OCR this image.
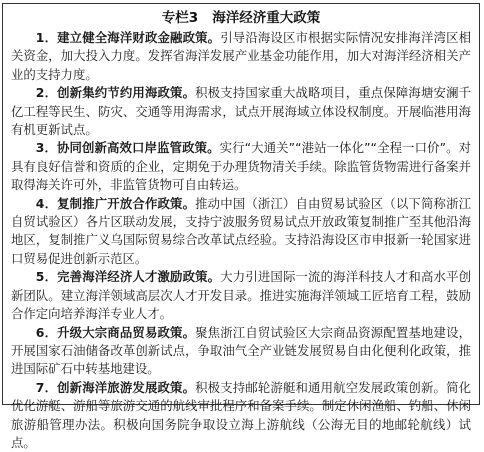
专栏3 海洋经济重大政策

1．建立健全海洋财政金融政策。引导沿海设区市根据实际情况安排海洋湾区相关资金，加大投入力度。发挥省海洋发展产业基金功能作用，加大对海洋经济相关产业的支持力度。

2．创新集约节约用海政策。积极支持国家重大战略项目，重点保障海塘安澜千亿工程等民生、防灾、交通等用海需求，试点开展海域立体设权制度。开展临港用海有机更新试点。

3．协同创新高效口岸监管政策。实行“大通关”“港站一体化”“全程一口价”。对具有良好信誉和资质的企业，定期免于办理货物清关手续。除监管货物需进行备案并取得海关许可外，非监管货物可自由转运。

4．复制推广开放合作政策。推动中国（浙江）自由贸易试验区（以下简称浙江自贸试验区）各片区联动发展，支持宁波服务贸易试点开放政策复制推广至其他沿海地区，复制推广义乌国际贸易综合改革试点经验。支持沿海设区市申报新一轮国家进口贸易促进创新示范区。

5．完善海洋经济人才激励政策。大力引进国际一流的海洋科技人才和高水平创新团队。建立海洋领域高层次人才开发目录。推进实施海洋领域工匠培育工程，鼓励合作定向培养海洋专业人才。

6．升级大宗商品贸易政策。聚焦浙江自贸试验区大宗商品资源配置基地建设，开展国家石油储备改革创新试点，争取油气全产业链发展贸易自由化便利化政策，推进国际矿石中转基地建设。

7．创新海洋旅游发展政策。积极支持邮轮游艇和通用航空发展政策创新。简化优化游艇、游船等旅游交通的航线审批程序和备案手续。制定休闲渔船、钓船、休闲旅游船管理办法。积极向国务院争取设立海上游航线（公海无目的地邮轮航线）试点。
